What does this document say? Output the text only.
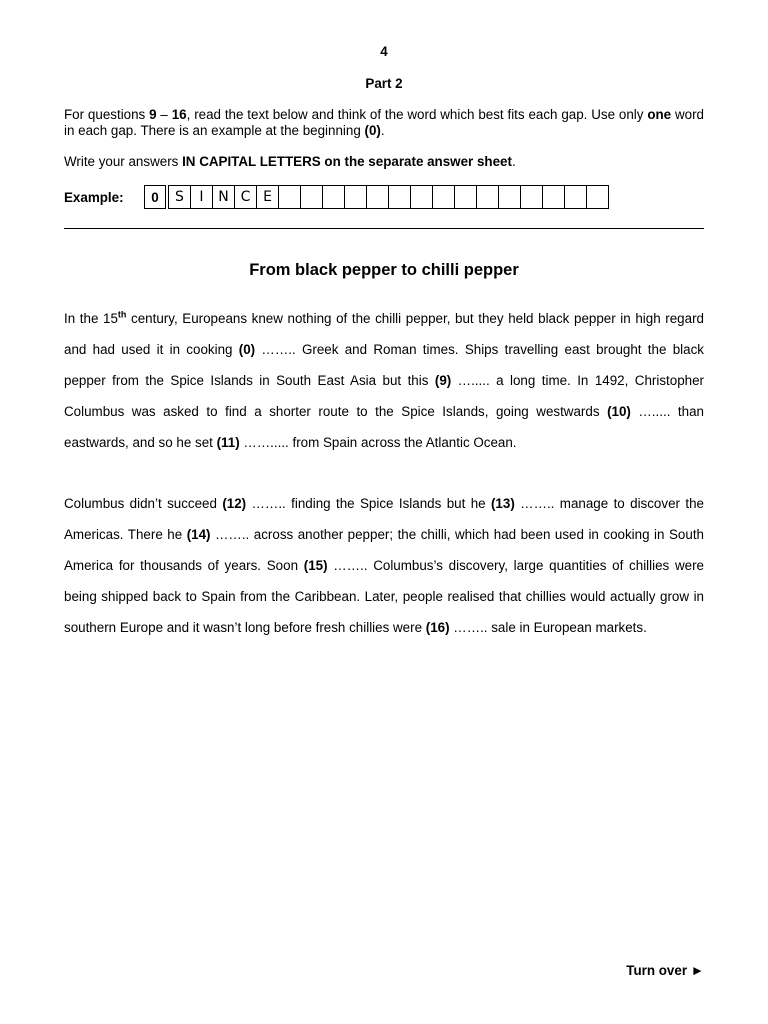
4
Part 2
For questions 9 – 16, read the text below and think of the word which best fits each gap. Use only one word in each gap. There is an example at the beginning (0).
Write your answers IN CAPITAL LETTERS on the separate answer sheet.
Example:	0	S	I	N C E
From black pepper to chilli pepper
In the 15th century, Europeans knew nothing of the chilli pepper, but they held black pepper in high regard and had used it in cooking (0) …….. Greek and Roman times. Ships travelling east brought the black pepper from the Spice Islands in South East Asia but this (9) …..... a long time. In 1492, Christopher Columbus was asked to find a shorter route to the Spice Islands, going westwards (10) …..... than eastwards, and so he set (11) ……..... from Spain across the Atlantic Ocean.
Columbus didn’t succeed (12) …….. finding the Spice Islands but he (13) …….. manage to discover the Americas. There he (14) …….. across another pepper; the chilli, which had been used in cooking in South America for thousands of years. Soon (15) …….. Columbus’s discovery, large quantities of chillies were being shipped back to Spain from the Caribbean. Later, people realised that chillies would actually grow in southern Europe and it wasn’t long before fresh chillies were (16) …….. sale in European markets.
Turn over ►
